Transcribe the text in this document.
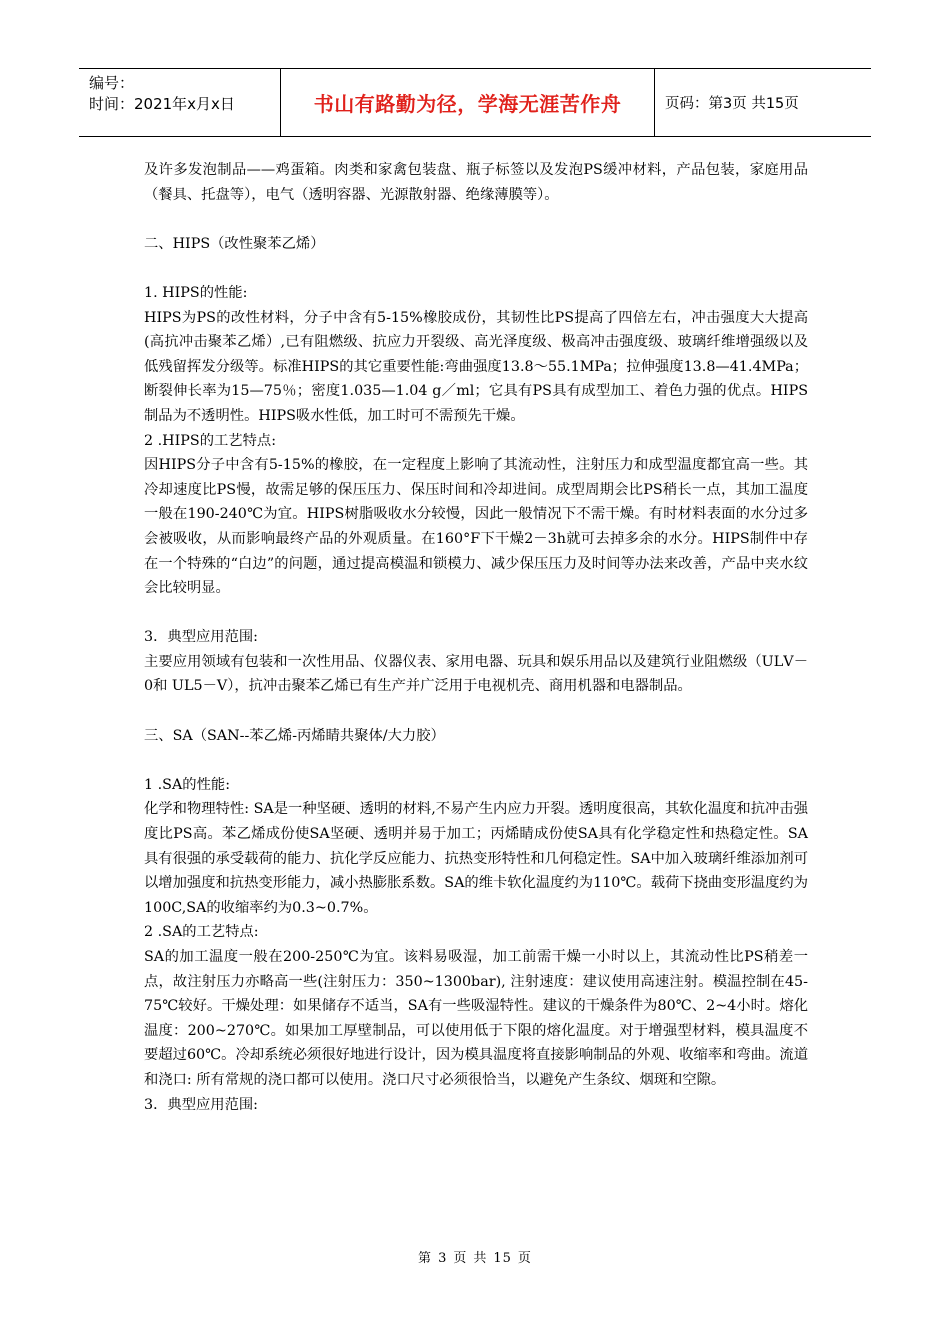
编号：
时间：2021年x月x日	书山有路勤为径，学海无涯苦作舟	页码：第3页 共15页

及许多发泡制品——鸡蛋箱。肉类和家禽包装盘、瓶子标签以及发泡PS缓冲材料，产品包装，家庭用品（餐具、托盘等），电气（透明容器、光源散射器、绝缘薄膜等）。

二、HIPS（改性聚苯乙烯）

1. HIPS的性能:

HIPS为PS的改性材料，分子中含有5-15%橡胶成份，其韧性比PS提高了四倍左右，冲击强度大大提高(高抗冲击聚苯乙烯）,已有阻燃级、抗应力开裂级、高光泽度级、极高冲击强度级、玻璃纤维增强级以及低残留挥发分级等。标准HIPS的其它重要性能:弯曲强度13.8～55.1MPa；拉伸强度13.8—41.4MPa；断裂伸长率为15—75％；密度1.035—1.04 g／ml；它具有PS具有成型加工、着色力强的优点。HIPS制品为不透明性。HIPS吸水性低，加工时可不需预先干燥。

2 .HIPS的工艺特点:

因HIPS分子中含有5-15%的橡胶，在一定程度上影响了其流动性，注射压力和成型温度都宜高一些。其冷却速度比PS慢，故需足够的保压压力、保压时间和冷却进间。成型周期会比PS稍长一点，其加工温度一般在190-240℃为宜。HIPS树脂吸收水分较慢，因此一般情况下不需干燥。有时材料表面的水分过多会被吸收，从而影响最终产品的外观质量。在160°F下干燥2－3h就可去掉多余的水分。HIPS制件中存在一个特殊的“白边”的问题，通过提高模温和锁模力、减少保压压力及时间等办法来改善，产品中夹水纹会比较明显。

3．典型应用范围:

主要应用领域有包装和一次性用品、仪器仪表、家用电器、玩具和娱乐用品以及建筑行业阻燃级（ULⅤ－0和 UL5－Ⅴ），抗冲击聚苯乙烯已有生产并广泛用于电视机壳、商用机器和电器制品。

三、SA（SAN--苯乙烯-丙烯睛共聚体/大力胶）

1 .SA的性能:

化学和物理特性: SA是一种坚硬、透明的材料,不易产生内应力开裂。透明度很高，其软化温度和抗冲击强度比PS高。苯乙烯成份使SA坚硬、透明并易于加工；丙烯睛成份使SA具有化学稳定性和热稳定性。SA具有很强的承受载荷的能力、抗化学反应能力、抗热变形特性和几何稳定性。SA中加入玻璃纤维添加剂可以增加强度和抗热变形能力，减小热膨胀系数。SA的维卡软化温度约为110℃。载荷下挠曲变形温度约为100C,SA的收缩率约为0.3~0.7%。

2 .SA的工艺特点:

SA的加工温度一般在200-250℃为宜。该料易吸湿，加工前需干燥一小时以上，其流动性比PS稍差一点，故注射压力亦略高一些(注射压力：350~1300bar), 注射速度：建议使用高速注射。模温控制在45-75℃较好。干燥处理：如果储存不适当，SA有一些吸湿特性。建议的干燥条件为80℃、2~4小时。熔化温度：200~270℃。如果加工厚壁制品，可以使用低于下限的熔化温度。对于增强型材料，模具温度不要超过60℃。冷却系统必须很好地进行设计，因为模具温度将直接影响制品的外观、收缩率和弯曲。流道和浇口: 所有常规的浇口都可以使用。浇口尺寸必须很恰当，以避免产生条纹、烟斑和空隙。

3．典型应用范围:

第 3 页 共 15 页
